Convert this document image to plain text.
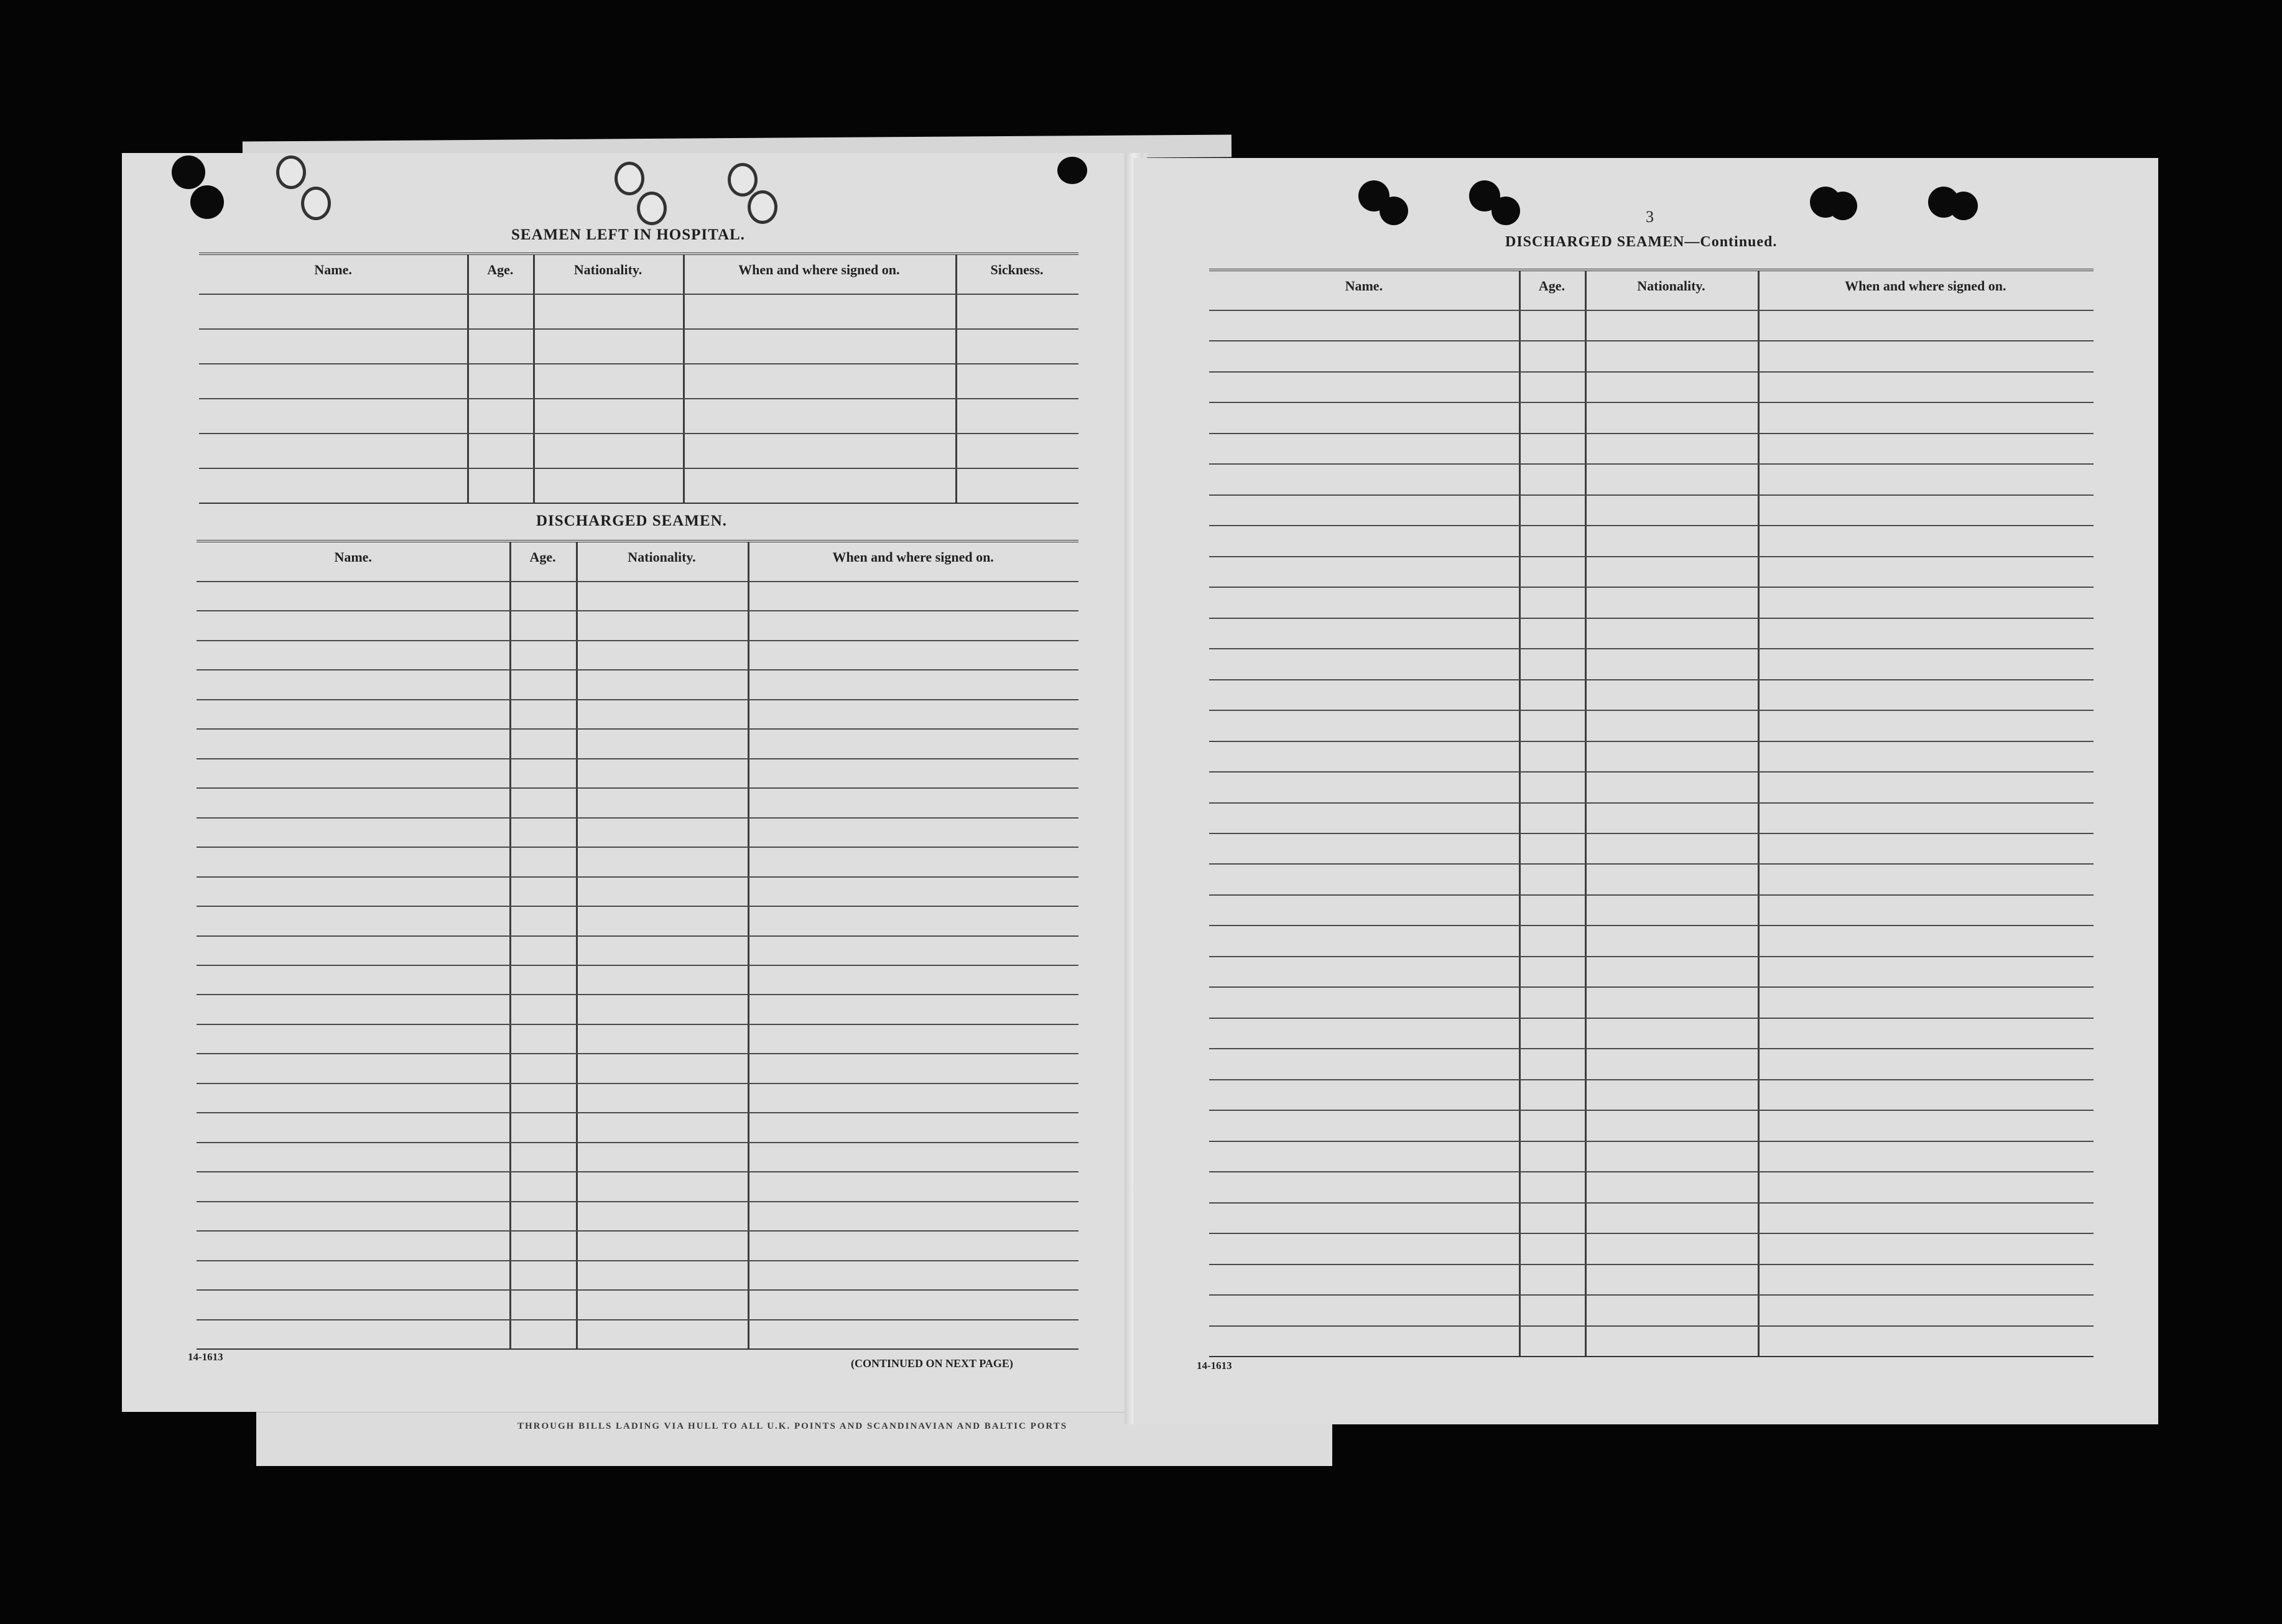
THROUGH BILLS LADING VIA HULL TO ALL U.K. POINTS AND SCANDINAVIAN AND BALTIC PORTS
SEAMEN LEFT IN HOSPITAL.
Name.	Age.	Nationality.	When and where signed on.	Sickness.
DISCHARGED SEAMEN.
Name.	Age.	Nationality.	When and where signed on.
14-1613
(CONTINUED ON NEXT PAGE)
3
DISCHARGED SEAMEN—Continued.
Name.	Age.	Nationality.	When and where signed on.
14-1613
